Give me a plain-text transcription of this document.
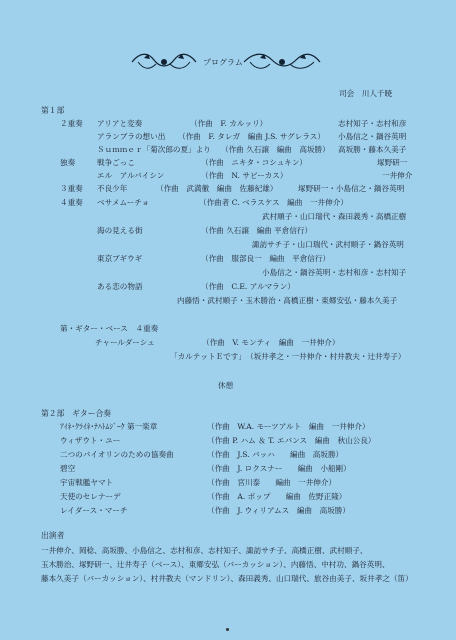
プログラム
司会　川人千暁
第１部
２重奏 アリアと変奏	（作曲　F. カルッリ）	志村知子・志村和彦
アランブラの想い出 （作曲　F. タレガ　編曲 J.S. サグレラス） 小島信之・鍋谷英明
Ｓｕｍｍｅｒ「菊次郎の夏」より （作曲 久石譲　編曲　高坂勝） 高坂勝・藤本久美子
独奏	戦争ごっこ	（作曲　ニキタ・コシュキン）	塚野研一
エル　アルバイシン	（作曲　N. サビーカス）	一井伸介
３重奏 不良少年	（作曲　武満徹　編曲　佐藤紀雄）	塚野研一・小島信之・鍋谷英明
４重奏 ベサメムーチョ	（作曲者 C. ベラスケス　編曲　一井伸介）
武村順子・山口瑞代・森田義秀・高橋正樹
海の見える街	（作曲 久石譲　編曲 平倉信行）
諏訪サチ子・山口瑞代・武村順子・鍋谷英明
東京ブギウギ	（作曲　服部良一　編曲　平倉信行）
小島信之・鍋谷英明・志村和彦・志村知子
ある恋の物語	（作曲　C.E. アルマラン）
内藤悟・武村順子・玉木勝治・高橋正樹・東郷安弘・藤本久美子
第・ギター・ベース　４重奏
チャールダーシュ	（作曲　V. モンティ　編曲　一井伸介）
「カルテットＥです」 （坂井孝之・一井伸介・村井教夫・辻井寿子）
休憩
第２部　ギター合奏
ｱｲﾈ･ｸﾗｲﾈ･ﾅﾊﾄﾑｼﾞｰｸ 第一楽章	（作曲　W.A. モーツアルト　編曲　一井伸介）
ウィザウト・ユー	（作曲 P. ハム ＆ T. エバンス　編曲　秋山公良）
二つのバイオリンのための協奏曲	（作曲　J.S. バッハ　　編曲　高坂勝）
碧空	（作曲　J. ロクスナー　　編曲　小船剛）
宇宙戦艦ヤマト	（作曲　宮川泰　　編曲　一井伸介）
天使のセレナーデ	（作曲　A. ポップ　　編曲　佐野正隆）
レイダース・マーチ	（作曲　J. ウィリアムス　編曲　高坂勝）
出演者
一井伸介、岡稔、高坂勝、小島信之、志村和彦、志村知子、諏訪サチ子、高橋正樹、武村順子、
玉木勝治、塚野研一、辻井寿子（ベース）、東郷安弘（バーカッション）、内藤悟、中村功、鍋谷英明、
藤本久美子（バーカッション）、村井教夫（マンドリン）、森田義秀、山口瑞代、旅谷由美子、坂井孝之（笛）
